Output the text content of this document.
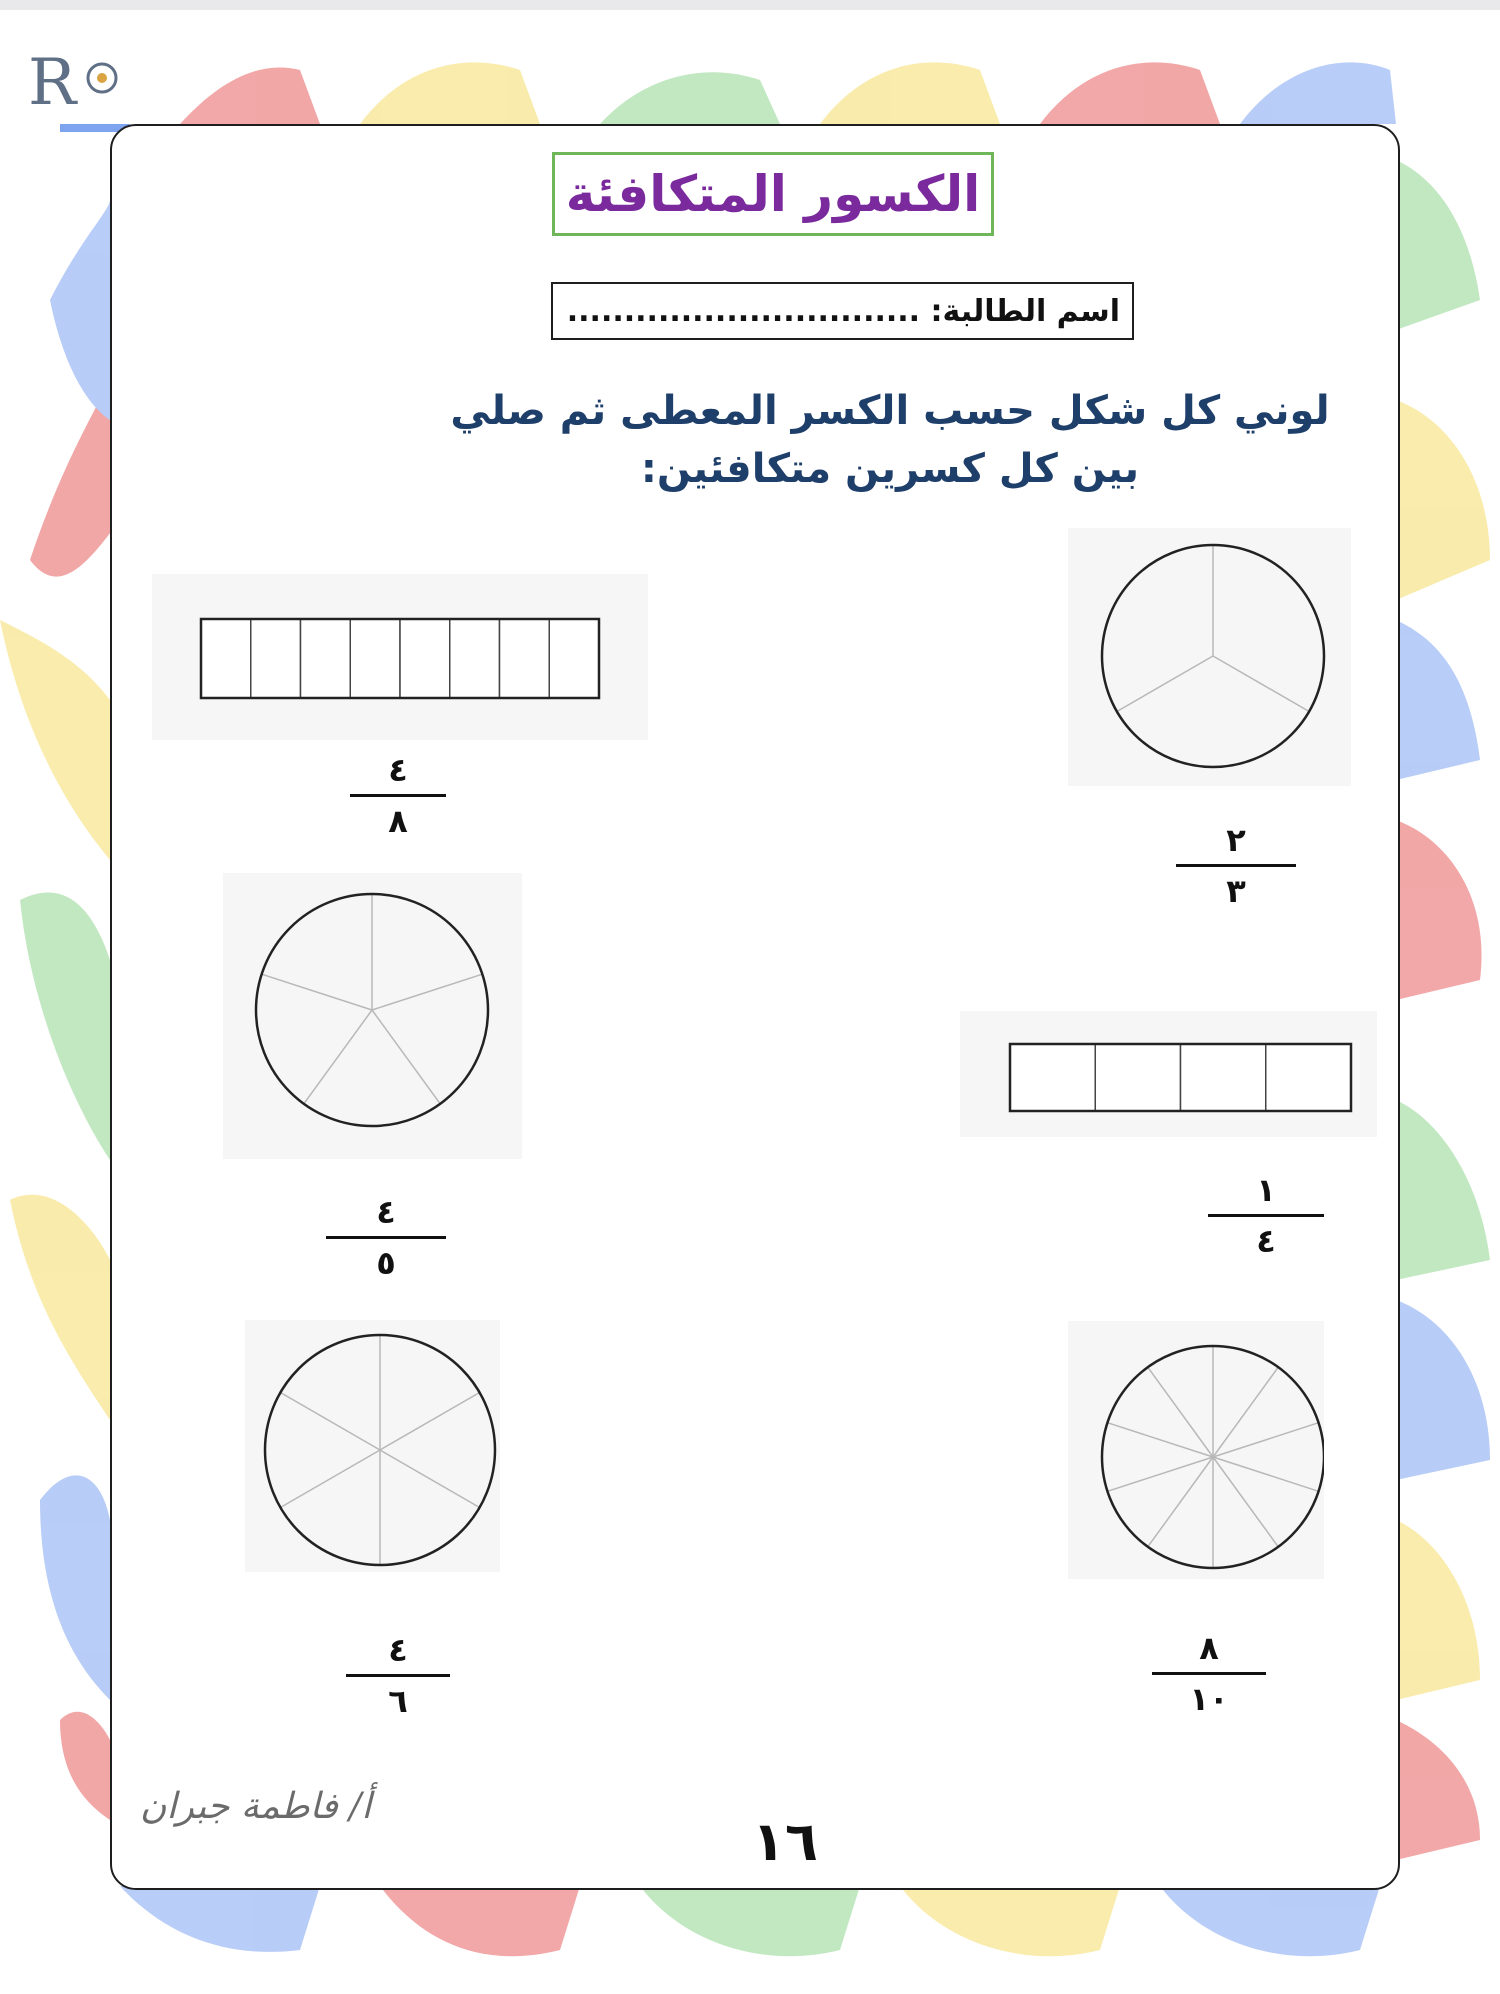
R
الكسور المتكافئة
اسم الطالبة: ...............................
لوني كل شكل حسب الكسر المعطى ثم صلي بين كل كسرين متكافئين:
٢
٣
٤
٨
١
٤
٤
٥
٨
١٠
٤
٦
أ/ فاطمة جبران
١٦
